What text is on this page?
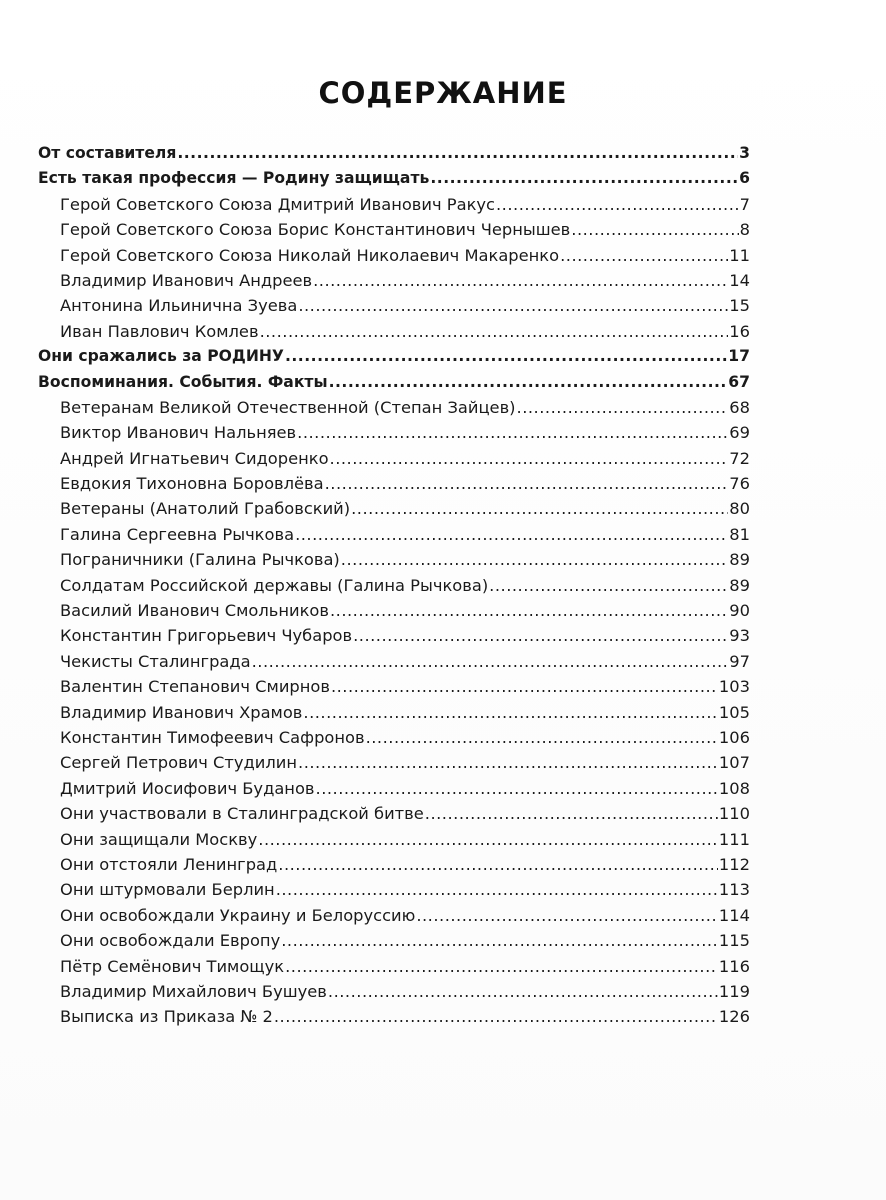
СОДЕРЖАНИЕ
От составителя .....	3
Есть такая профессия — Родину защищать .....	6
Герой Советского Союза Дмитрий Иванович Ракус .....	7
Герой Советского Союза Борис Константинович Чернышев .....	8
Герой Советского Союза Николай Николаевич Макаренко .....	11
Владимир Иванович Андреев .....	14
Антонина Ильинична Зуева .....	15
Иван Павлович Комлев .....	16
Они сражались за РОДИНУ .....	17
Воспоминания. События. Факты .....	67
Ветеранам Великой Отечественной (Степан Зайцев) .....	68
Виктор Иванович Нальняев .....	69
Андрей Игнатьевич Сидоренко .....	72
Евдокия Тихоновна Боровлёва .....	76
Ветераны (Анатолий Грабовский) .....	80
Галина Сергеевна Рычкова .....	81
Пограничники (Галина Рычкова) .....	89
Солдатам Российской державы (Галина Рычкова) .....	89
Василий Иванович Смольников .....	90
Константин Григорьевич Чубаров .....	93
Чекисты Сталинграда .....	97
Валентин Степанович Смирнов .....	103
Владимир Иванович Храмов .....	105
Константин Тимофеевич Сафронов .....	106
Сергей Петрович Студилин .....	107
Дмитрий Иосифович Буданов .....	108
Они участвовали в Сталинградской битве .....	110
Они защищали Москву .....	111
Они отстояли Ленинград .....	112
Они штурмовали Берлин .....	113
Они освобождали Украину и Белоруссию .....	114
Они освобождали Европу .....	115
Пётр Семёнович Тимощук .....	116
Владимир Михайлович Бушуев .....	119
Выписка из Приказа № 2 .....	126
